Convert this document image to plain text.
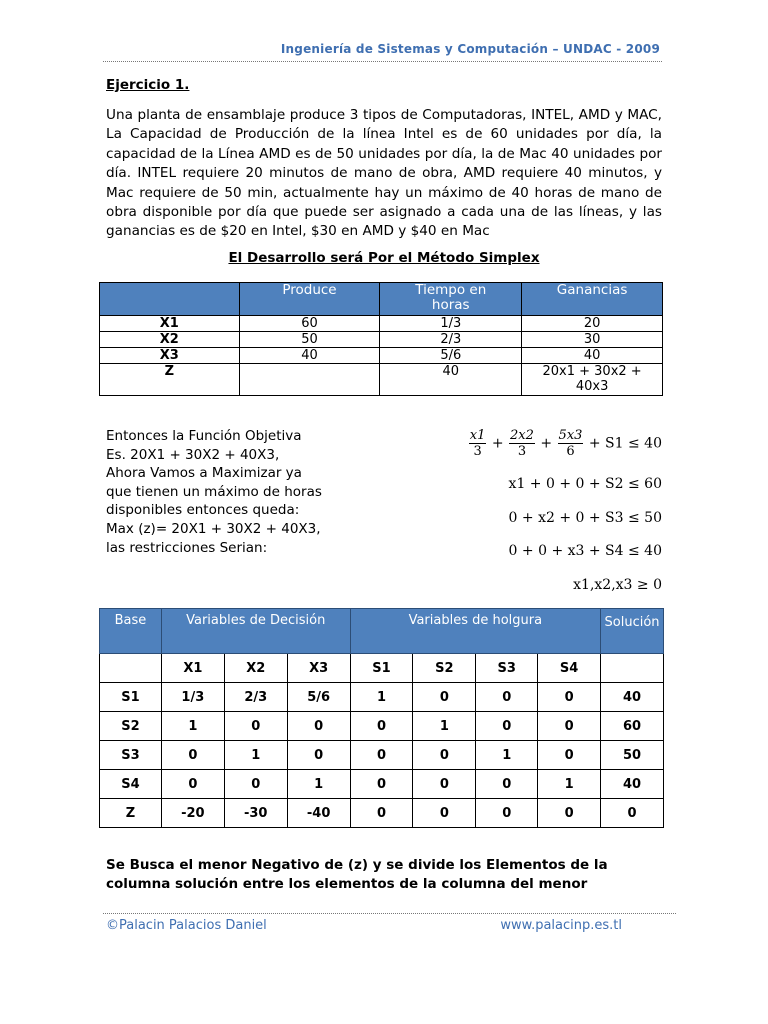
Ingeniería de Sistemas y Computación – UNDAC - 2009
Ejercicio 1.
Una planta de ensamblaje produce 3 tipos de Computadoras, INTEL, AMD y MAC, La Capacidad de Producción de la línea Intel es de 60 unidades por día, la capacidad de la Línea AMD es de 50 unidades por día, la de Mac 40 unidades por día. INTEL requiere 20 minutos de mano de obra, AMD requiere 40 minutos, y Mac requiere de 50 min, actualmente hay un máximo de 40 horas de mano de obra disponible por día que puede ser asignado a cada una de las líneas, y las ganancias es de $20 en Intel, $30 en AMD y $40 en Mac
El Desarrollo será Por el Método Simplex
	Produce	Tiempo en horas	Ganancias
X1	60	1/3	20
X2	50	2/3	30
X3	40	5/6	40
Z		40	20x1 + 30x2 + 40x3
Entonces la Función Objetiva
Es. 20X1 + 30X2 + 40X3,
Ahora Vamos a Maximizar ya
que tienen un máximo de horas
disponibles entonces queda:
Max (z)= 20X1 + 30X2 + 40X3,
las restricciones Serian:
$\frac{x1}{3} + \frac{2x2}{3} + \frac{5x3}{6} + S1 \le 40$
x1 + 0 + 0 + S2 ≤ 60
0 + x2 + 0 + S3 ≤ 50
0 + 0 + x3 + S4 ≤ 40
x1,x2,x3 ≥ 0
Base	Variables de Decisión			Variables de holgura				Solución
	X1	X2	X3	S1	S2	S3	S4	
S1	1/3	2/3	5/6	1	0	0	0	40
S2	1	0	0	0	1	0	0	60
S3	0	1	0	0	0	1	0	50
S4	0	0	1	0	0	0	1	40
Z	-20	-30	-40	0	0	0	0	0
Se Busca el menor Negativo de (z) y se divide los Elementos de la columna solución entre los elementos de la columna del menor
©Palacin Palacios Daniel	www.palacinp.es.tl
